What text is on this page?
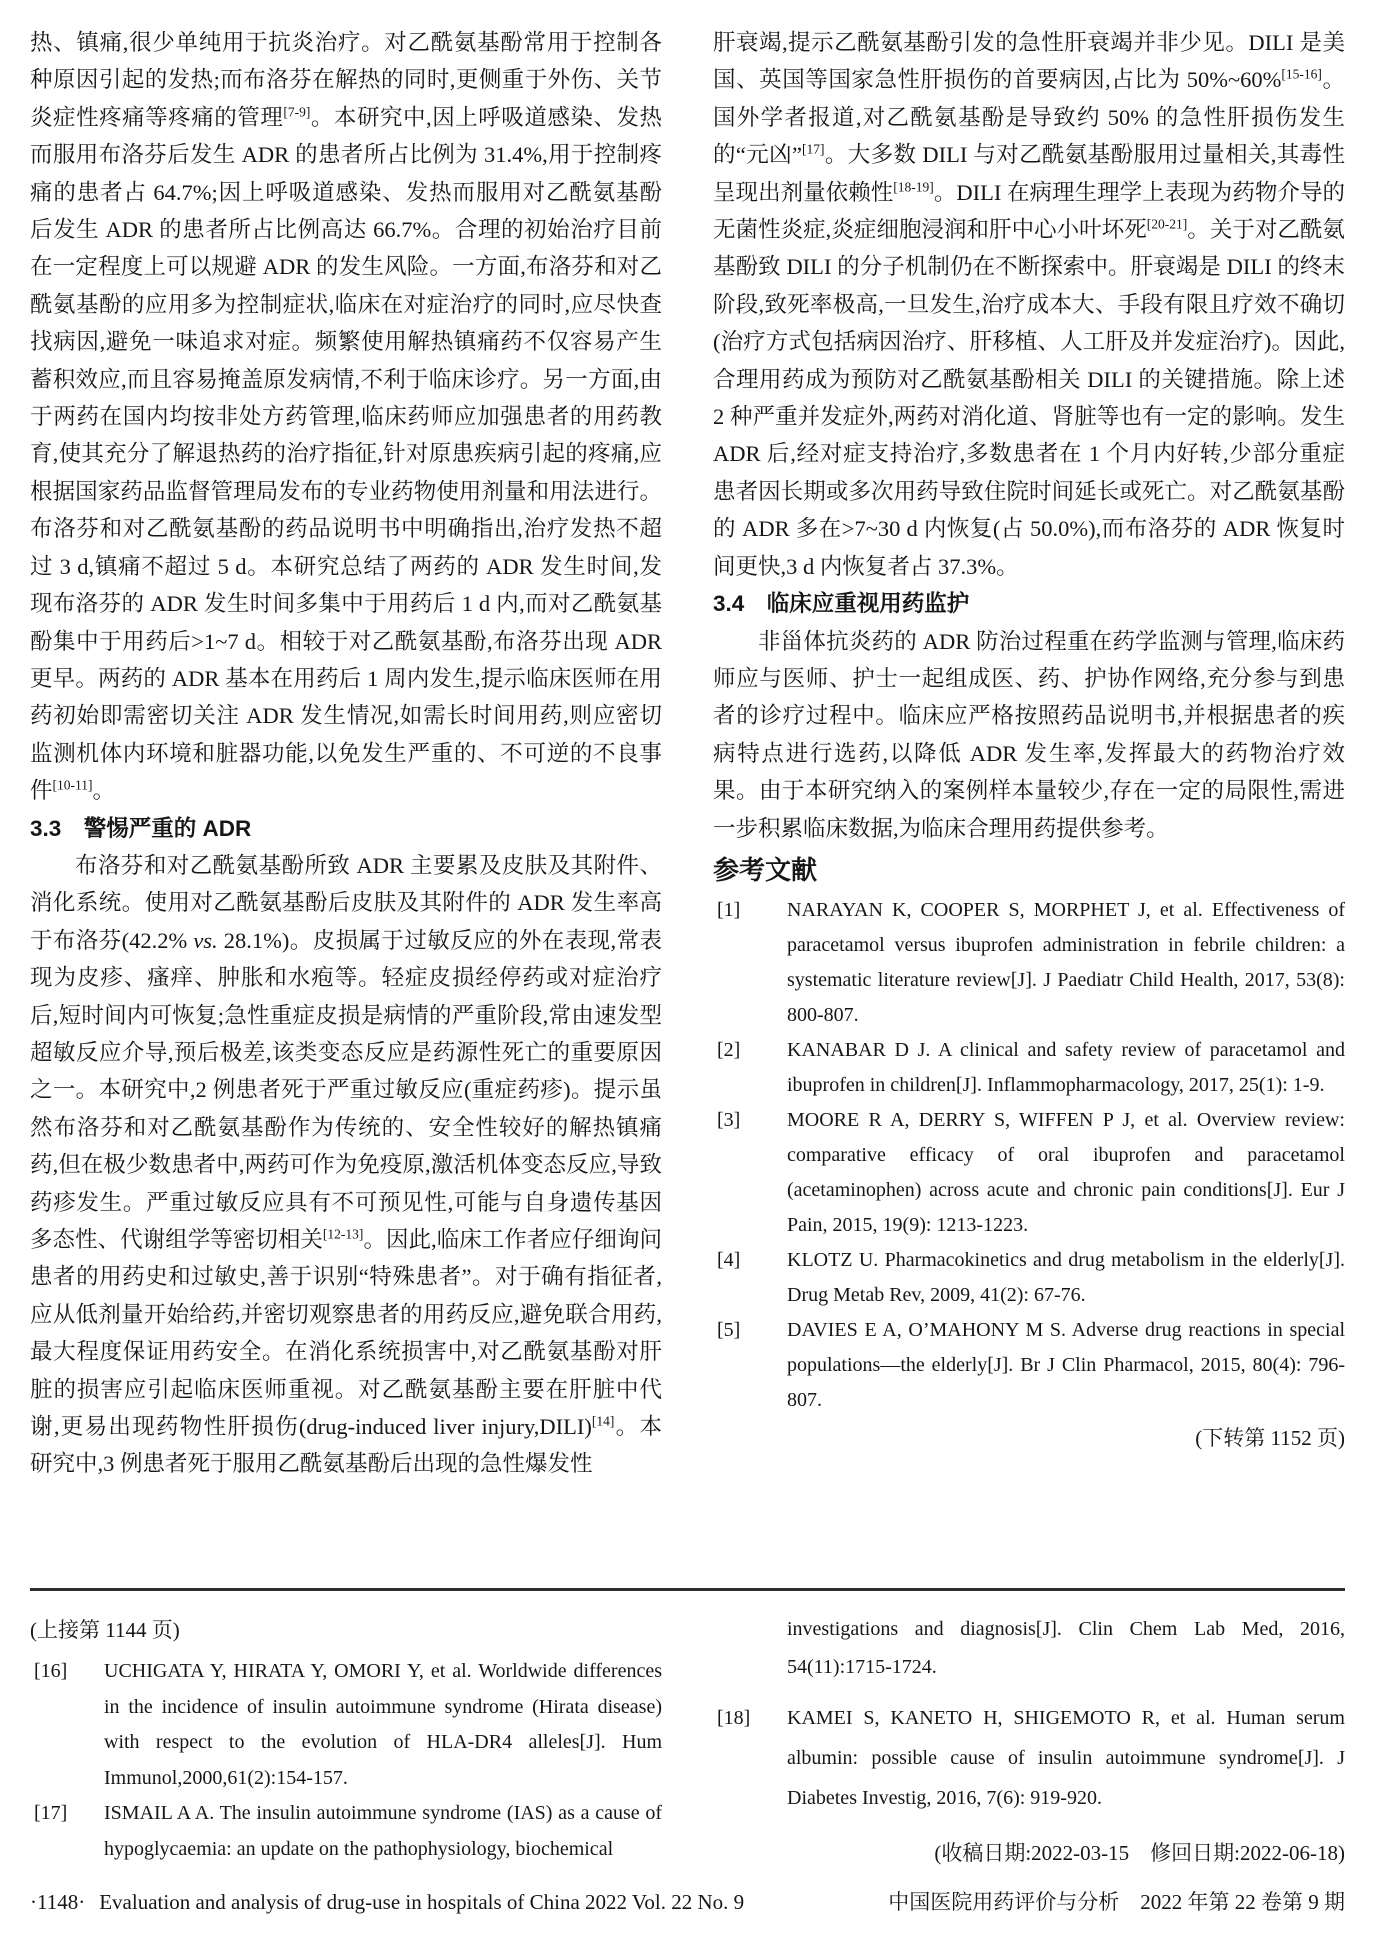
热、镇痛,很少单纯用于抗炎治疗。对乙酰氨基酚常用于控制各种原因引起的发热;而布洛芬在解热的同时,更侧重于外伤、关节炎症性疼痛等疼痛的管理[7-9]。本研究中,因上呼吸道感染、发热而服用布洛芬后发生 ADR 的患者所占比例为 31.4%,用于控制疼痛的患者占 64.7%;因上呼吸道感染、发热而服用对乙酰氨基酚后发生 ADR 的患者所占比例高达 66.7%。合理的初始治疗目前在一定程度上可以规避 ADR 的发生风险。一方面,布洛芬和对乙酰氨基酚的应用多为控制症状,临床在对症治疗的同时,应尽快查找病因,避免一味追求对症。频繁使用解热镇痛药不仅容易产生蓄积效应,而且容易掩盖原发病情,不利于临床诊疗。另一方面,由于两药在国内均按非处方药管理,临床药师应加强患者的用药教育,使其充分了解退热药的治疗指征,针对原患疾病引起的疼痛,应根据国家药品监督管理局发布的专业药物使用剂量和用法进行。布洛芬和对乙酰氨基酚的药品说明书中明确指出,治疗发热不超过 3 d,镇痛不超过 5 d。本研究总结了两药的 ADR 发生时间,发现布洛芬的 ADR 发生时间多集中于用药后 1 d 内,而对乙酰氨基酚集中于用药后>1~7 d。相较于对乙酰氨基酚,布洛芬出现 ADR 更早。两药的 ADR 基本在用药后 1 周内发生,提示临床医师在用药初始即需密切关注 ADR 发生情况,如需长时间用药,则应密切监测机体内环境和脏器功能,以免发生严重的、不可逆的不良事件[10-11]。

3.3　警惕严重的 ADR

布洛芬和对乙酰氨基酚所致 ADR 主要累及皮肤及其附件、消化系统。使用对乙酰氨基酚后皮肤及其附件的 ADR 发生率高于布洛芬(42.2% vs. 28.1%)。皮损属于过敏反应的外在表现,常表现为皮疹、瘙痒、肿胀和水疱等。轻症皮损经停药或对症治疗后,短时间内可恢复;急性重症皮损是病情的严重阶段,常由速发型超敏反应介导,预后极差,该类变态反应是药源性死亡的重要原因之一。本研究中,2 例患者死于严重过敏反应(重症药疹)。提示虽然布洛芬和对乙酰氨基酚作为传统的、安全性较好的解热镇痛药,但在极少数患者中,两药可作为免疫原,激活机体变态反应,导致药疹发生。严重过敏反应具有不可预见性,可能与自身遗传基因多态性、代谢组学等密切相关[12-13]。因此,临床工作者应仔细询问患者的用药史和过敏史,善于识别“特殊患者”。对于确有指征者,应从低剂量开始给药,并密切观察患者的用药反应,避免联合用药,最大程度保证用药安全。在消化系统损害中,对乙酰氨基酚对肝脏的损害应引起临床医师重视。对乙酰氨基酚主要在肝脏中代谢,更易出现药物性肝损伤(drug-induced liver injury,DILI)[14]。本研究中,3 例患者死于服用乙酰氨基酚后出现的急性爆发性

肝衰竭,提示乙酰氨基酚引发的急性肝衰竭并非少见。DILI 是美国、英国等国家急性肝损伤的首要病因,占比为 50%~60%[15-16]。国外学者报道,对乙酰氨基酚是导致约 50% 的急性肝损伤发生的“元凶”[17]。大多数 DILI 与对乙酰氨基酚服用过量相关,其毒性呈现出剂量依赖性[18-19]。DILI 在病理生理学上表现为药物介导的无菌性炎症,炎症细胞浸润和肝中心小叶坏死[20-21]。关于对乙酰氨基酚致 DILI 的分子机制仍在不断探索中。肝衰竭是 DILI 的终末阶段,致死率极高,一旦发生,治疗成本大、手段有限且疗效不确切(治疗方式包括病因治疗、肝移植、人工肝及并发症治疗)。因此,合理用药成为预防对乙酰氨基酚相关 DILI 的关键措施。除上述 2 种严重并发症外,两药对消化道、肾脏等也有一定的影响。发生 ADR 后,经对症支持治疗,多数患者在 1 个月内好转,少部分重症患者因长期或多次用药导致住院时间延长或死亡。对乙酰氨基酚的 ADR 多在>7~30 d 内恢复(占 50.0%),而布洛芬的 ADR 恢复时间更快,3 d 内恢复者占 37.3%。

3.4　临床应重视用药监护

非甾体抗炎药的 ADR 防治过程重在药学监测与管理,临床药师应与医师、护士一起组成医、药、护协作网络,充分参与到患者的诊疗过程中。临床应严格按照药品说明书,并根据患者的疾病特点进行选药,以降低 ADR 发生率,发挥最大的药物治疗效果。由于本研究纳入的案例样本量较少,存在一定的局限性,需进一步积累临床数据,为临床合理用药提供参考。

参考文献
[1] NARAYAN K, COOPER S, MORPHET J, et al. Effectiveness of paracetamol versus ibuprofen administration in febrile children: a systematic literature review[J]. J Paediatr Child Health, 2017, 53(8): 800-807.
[2] KANABAR D J. A clinical and safety review of paracetamol and ibuprofen in children[J]. Inflammopharmacology, 2017, 25(1): 1-9.
[3] MOORE R A, DERRY S, WIFFEN P J, et al. Overview review: comparative efficacy of oral ibuprofen and paracetamol (acetaminophen) across acute and chronic pain conditions[J]. Eur J Pain, 2015, 19(9): 1213-1223.
[4] KLOTZ U. Pharmacokinetics and drug metabolism in the elderly[J]. Drug Metab Rev, 2009, 41(2): 67-76.
[5] DAVIES E A, O’MAHONY M S. Adverse drug reactions in special populations—the elderly[J]. Br J Clin Pharmacol, 2015, 80(4): 796-807.
(下转第 1152 页)
(上接第 1144 页)
[16] UCHIGATA Y, HIRATA Y, OMORI Y, et al. Worldwide differences in the incidence of insulin autoimmune syndrome (Hirata disease) with respect to the evolution of HLA-DR4 alleles[J]. Hum Immunol,2000,61(2):154-157.
[17] ISMAIL A A. The insulin autoimmune syndrome (IAS) as a cause of hypoglycaemia: an update on the pathophysiology, biochemical
investigations and diagnosis[J]. Clin Chem Lab Med, 2016, 54(11):1715-1724.
[18] KAMEI S, KANETO H, SHIGEMOTO R, et al. Human serum albumin: possible cause of insulin autoimmune syndrome[J]. J Diabetes Investig, 2016, 7(6): 919-920.
(收稿日期:2022-03-15　修回日期:2022-06-18)
·1148· Evaluation and analysis of drug-use in hospitals of China 2022 Vol. 22 No. 9	中国医院用药评价与分析　2022 年第 22 卷第 9 期
